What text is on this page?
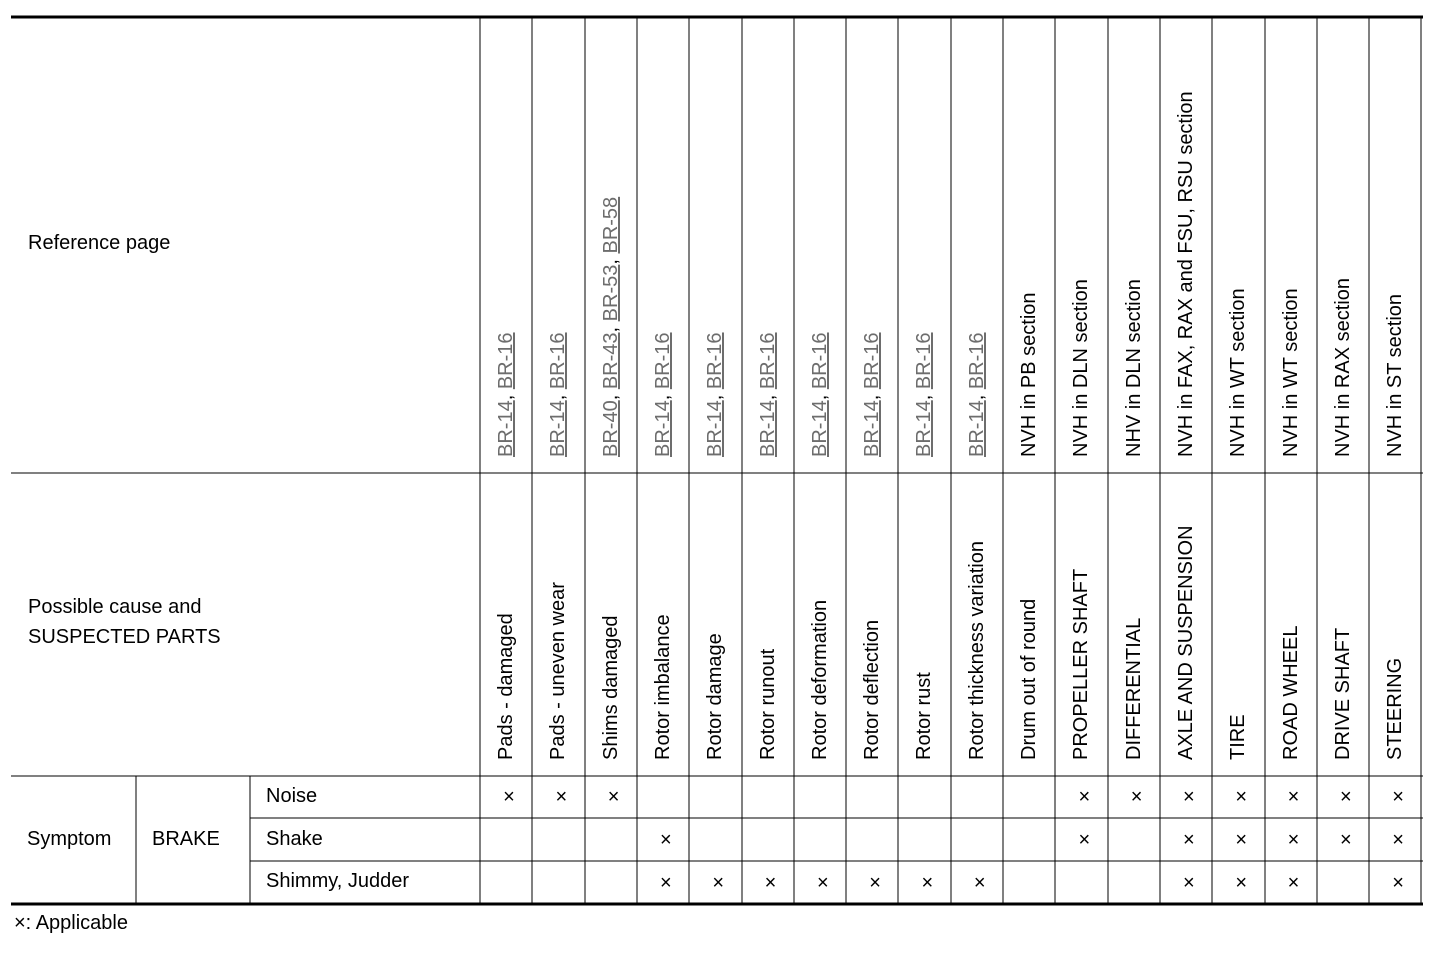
Reference page
Possible cause and
SUSPECTED PARTS
Symptom BRAKE
Noise
Shake
Shimmy, Judder
BR-14, BR-16
Pads - damaged
×
BR-14, BR-16
Pads - uneven wear
×
BR-40, BR-43, BR-53, BR-58
Shims damaged
×
BR-14, BR-16
Rotor imbalance
×
×
BR-14, BR-16
Rotor damage
×
BR-14, BR-16
Rotor runout
×
BR-14, BR-16
Rotor deformation
×
BR-14, BR-16
Rotor deflection
×
BR-14, BR-16
Rotor rust
×
BR-14, BR-16
Rotor thickness variation
×
NVH in PB section
Drum out of round
NVH in DLN section
PROPELLER SHAFT
×
×
NHV in DLN section
DIFFERENTIAL
×
NVH in FAX, RAX and FSU, RSU section
AXLE AND SUSPENSION
×
×
×
NVH in WT section
TIRE
×
×
×
NVH in WT section
ROAD WHEEL
×
×
×
NVH in RAX section
DRIVE SHAFT
×
×
NVH in ST section
STEERING
×
×
×
×: Applicable
